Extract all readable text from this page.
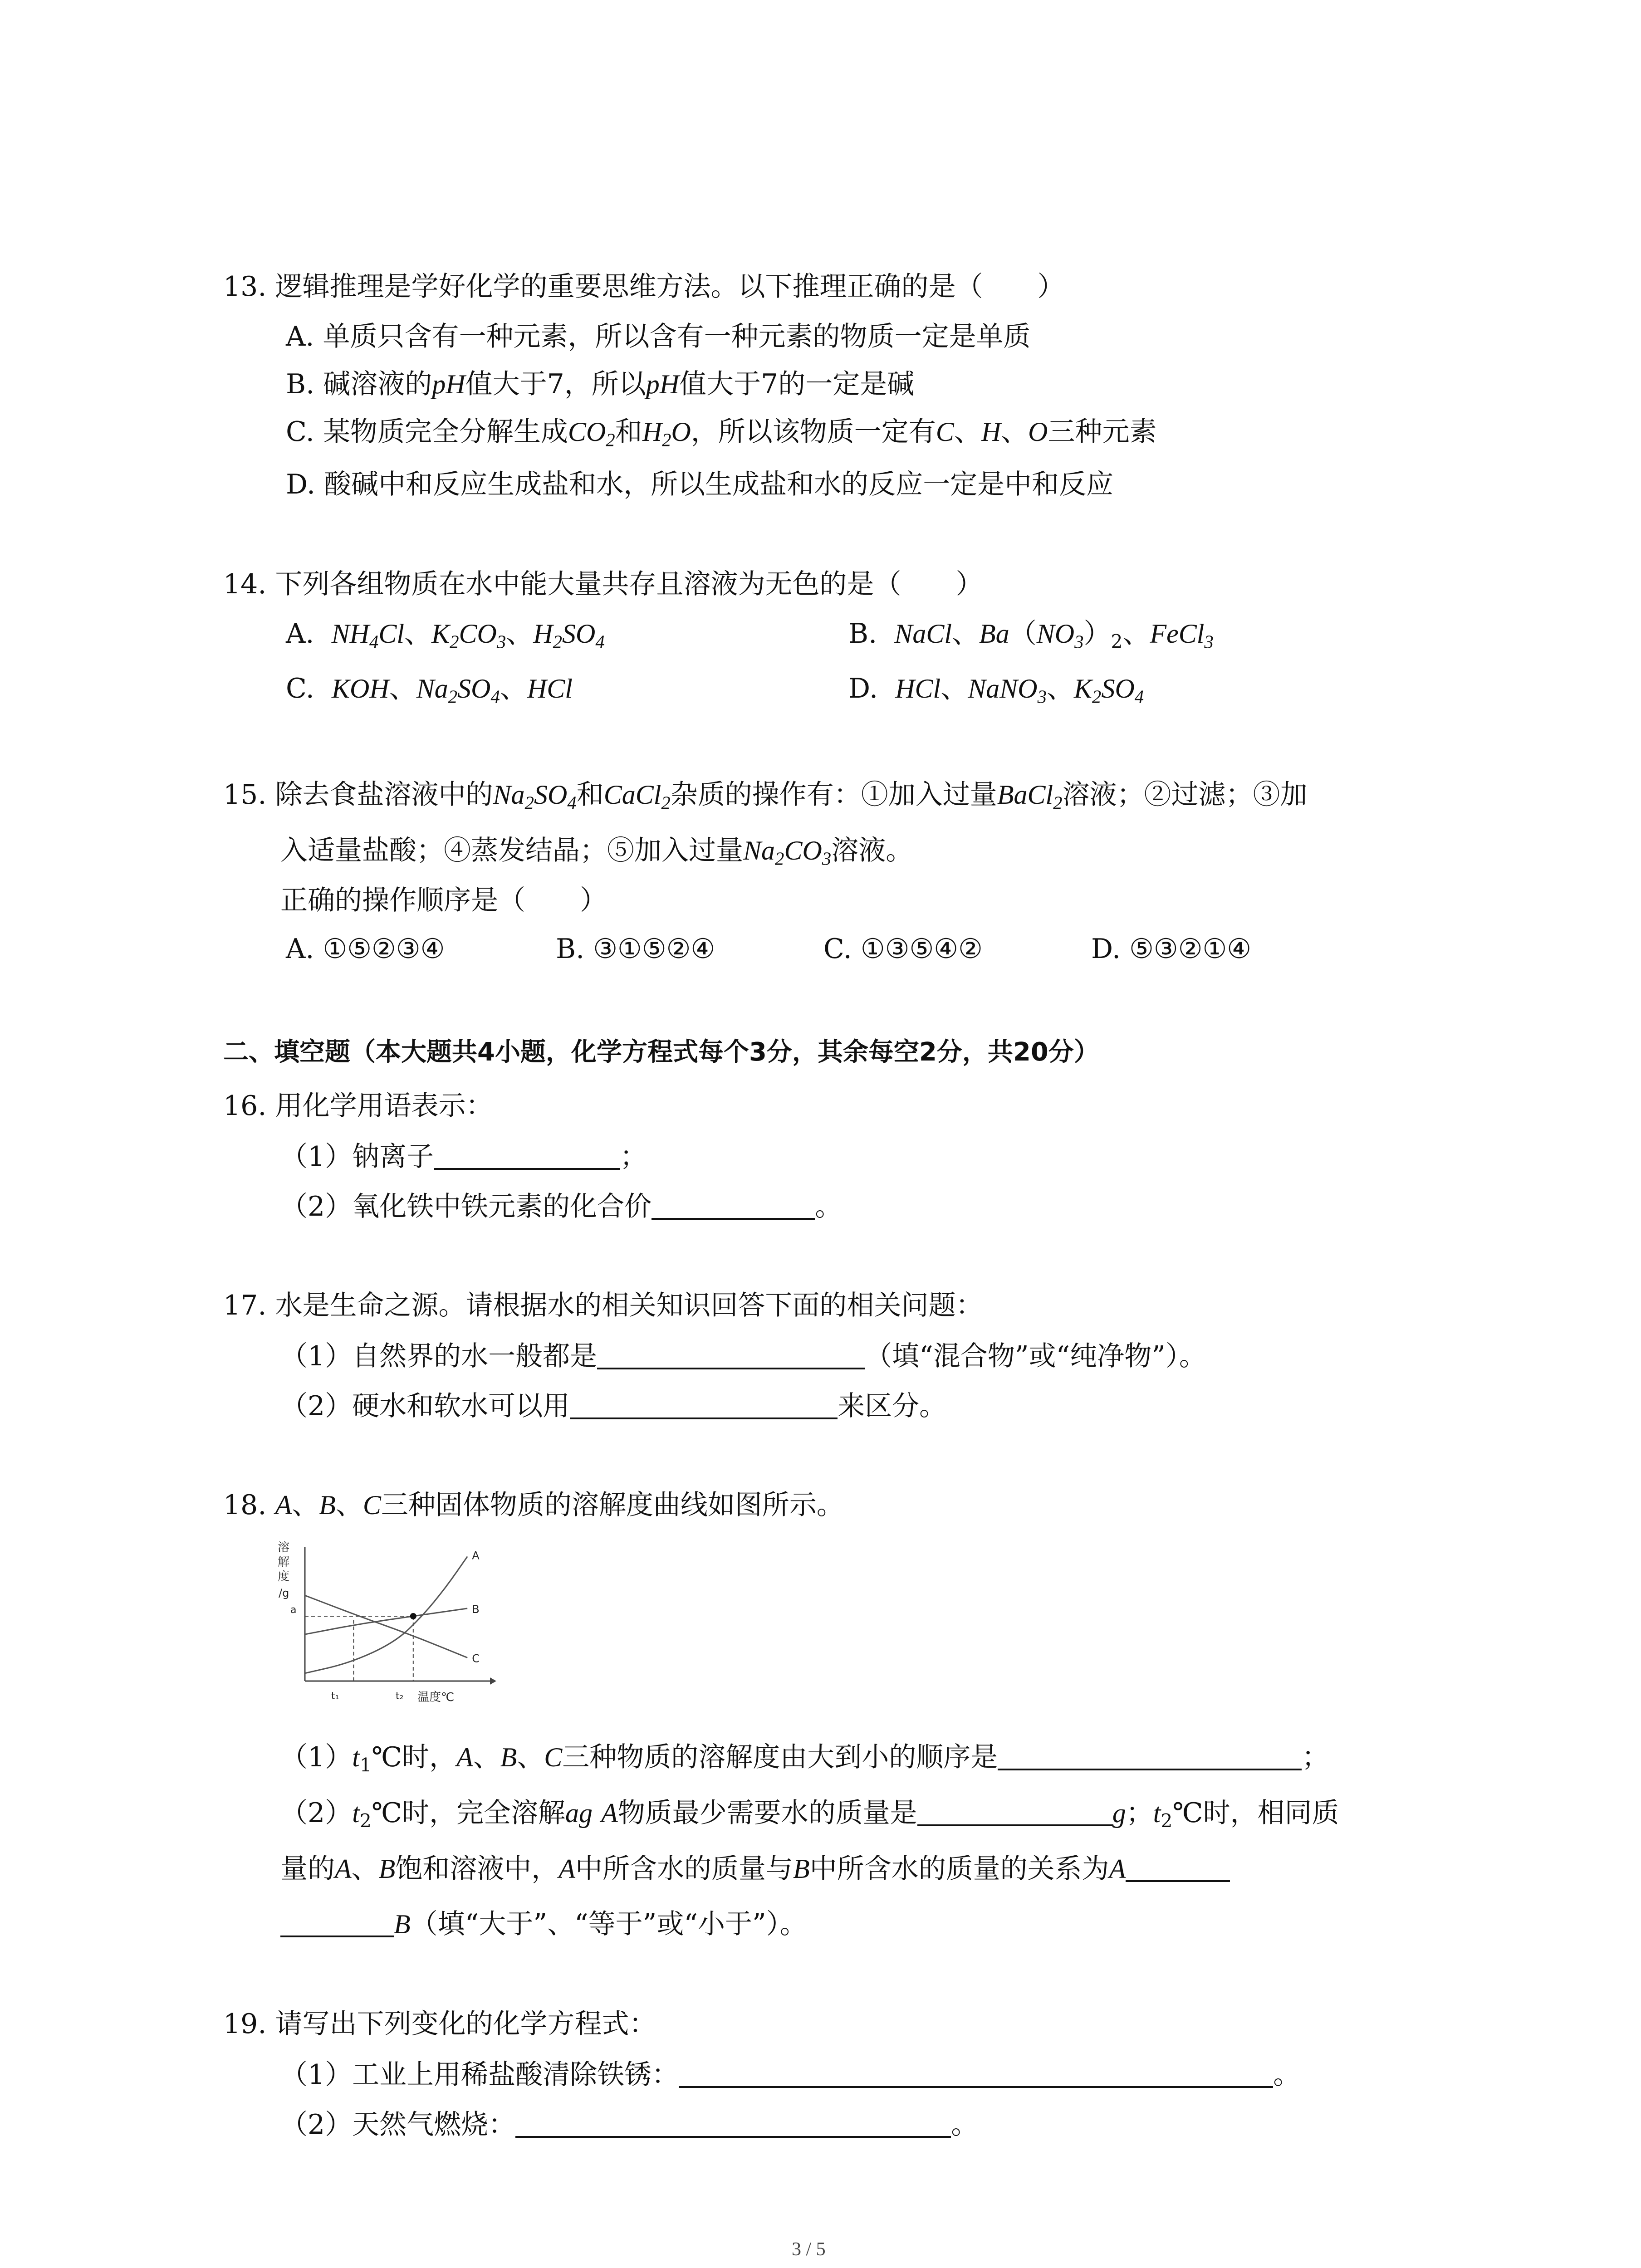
13. 逻辑推理是学好化学的重要思维方法。以下推理正确的是（　　）
A. 单质只含有一种元素，所以含有一种元素的物质一定是单质
B. 碱溶液的pH值大于7，所以pH值大于7的一定是碱
C. 某物质完全分解生成$CO_2$和$H_2O$，所以该物质一定有C、H、O三种元素
D. 酸碱中和反应生成盐和水，所以生成盐和水的反应一定是中和反应
14. 下列各组物质在水中能大量共存且溶液为无色的是（　　）
A. $NH_4Cl$、$K_2CO_3$、$H_2SO_4$	B. NaCl、$Ba(NO_3)_2$、FeCl$_3$
C. KOH、$Na_2SO_4$、HCl	D. HCl、NaNO$_3$、$K_2SO_4$
15. 除去食盐溶液中的$Na_2SO_4$和CaCl$_2$杂质的操作有：①加入过量BaCl$_2$溶液；②过滤；③加
入适量盐酸；④蒸发结晶；⑤加入过量$Na_2CO_3$溶液。
正确的操作顺序是（　　）
A. ①⑤②③④	B. ③①⑤②④	C. ①③⑤④②	D. ⑤③②①④
二、填空题（本大题共4小题，化学方程式每个3分，其余每空2分，共20分）
16. 用化学用语表示：
（1）钠离子	；
（2）氧化铁中铁元素的化合价	。
17. 水是生命之源。请根据水的相关知识回答下面的相关问题：
（1）自然界的水一般都是	（填“混合物”或“纯净物”）。
（2）硬水和软水可以用	来区分。
18. A、B、C三种固体物质的溶解度曲线如图所示。
溶
解
度
/g
a
A
B
C
t₁	t₂ 温度℃
$(1)t_1℃$时，A、B、C三种物质的溶解度由大到小的顺序是	；
$(2)t_2℃$时，完全溶解ag A物质最少需要水的质量是	g；$t_2℃$时，相同质
量的A、B饱和溶液中，A中所含水的质量与B中所含水的质量的关系为A
B（填“大于”、“等于”或“小于”）。
19. 请写出下列变化的化学方程式：
（1）工业上用稀盐酸清除铁锈：	。
（2）天然气燃烧：	。
3 / 5
